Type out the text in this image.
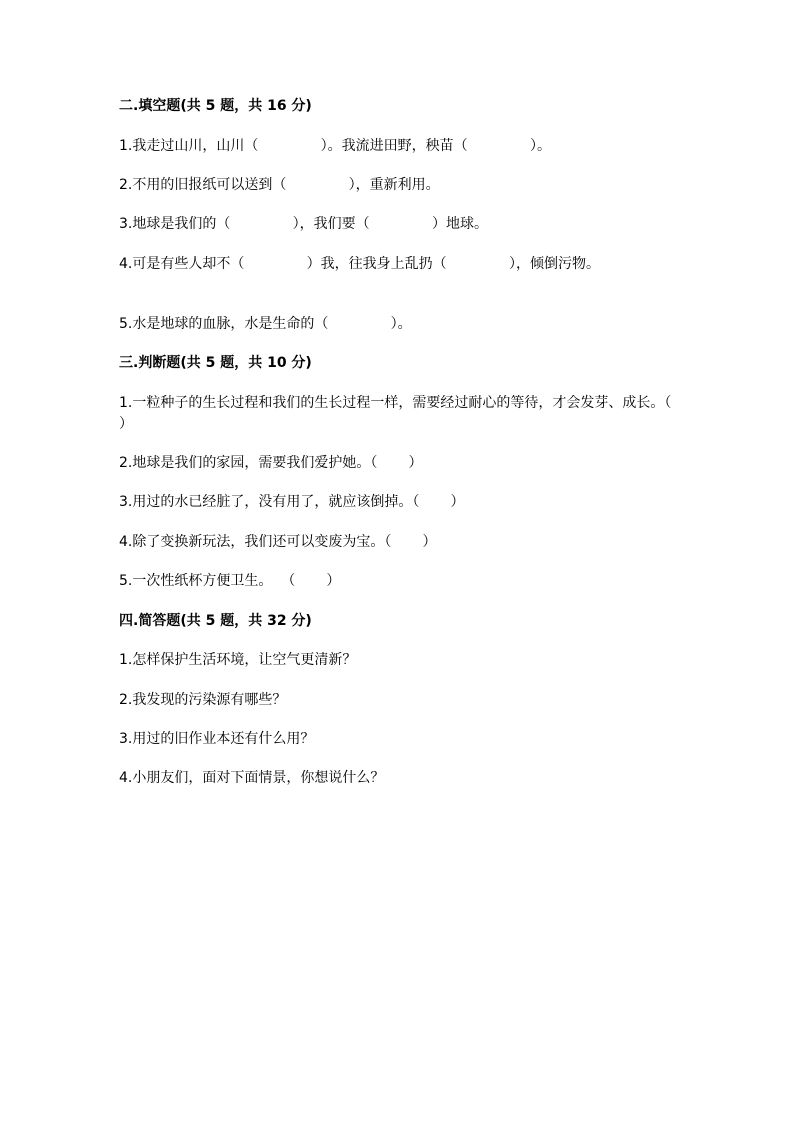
二.填空题(共 5 题，共 16 分)
1.我走过山川，山川（              ）。我流进田野，秧苗（              ）。
2.不用的旧报纸可以送到（              ），重新利用。
3.地球是我们的（              ），我们要（              ）地球。
4.可是有些人却不（              ）我，往我身上乱扔（              ），倾倒污物。
5.水是地球的血脉，水是生命的（              ）。
三.判断题(共 5 题，共 10 分)
1.一粒种子的生长过程和我们的生长过程一样，需要经过耐心的等待，才会发芽、成长。（       ）
2.地球是我们的家园，需要我们爱护她。（       ）
3.用过的水已经脏了，没有用了，就应该倒掉。（       ）
4.除了变换新玩法，我们还可以变废为宝。（       ）
5.一次性纸杯方便卫生。  （       ）
四.简答题(共 5 题，共 32 分)
1.怎样保护生活环境，让空气更清新？
2.我发现的污染源有哪些？
3.用过的旧作业本还有什么用？
4.小朋友们，面对下面情景，你想说什么？
